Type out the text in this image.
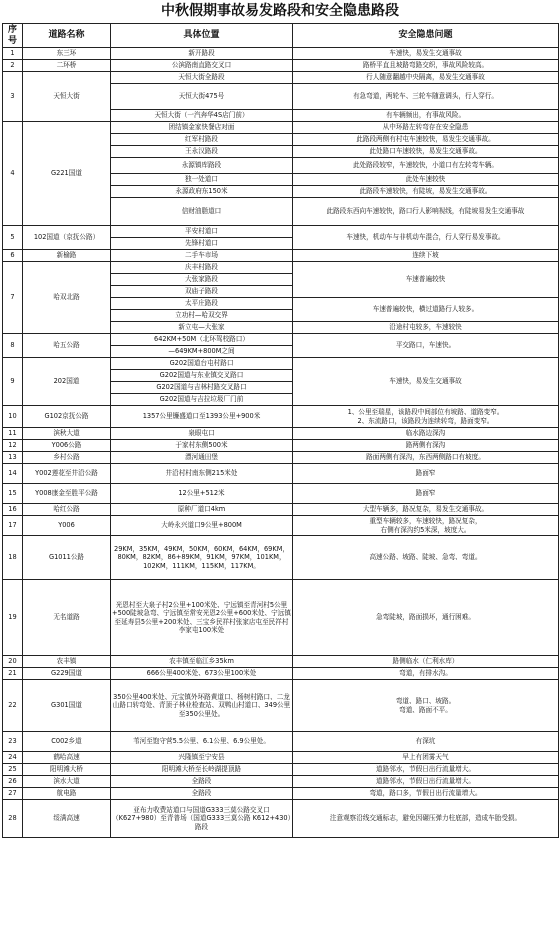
中秋假期事故易发路段和安全隐患路段
序号	道路名称	具体位置	安全隐患问题
1	东三环	新开路段	车速快，易发生交通事故
2	二环桥	公滨路南直路交叉口	路桥平直且坡路弯路交织，事故风险较高。
3	天恒大街	天恒大街全路段	行人随意翻越中央隔离，易发生交通事故
		天恒大街475号	有急弯道，两轮车、三轮车随意调头，行人穿行。
		天恒大街（一汽奔华4S店门前）	有车辆频出，有事故风险。
4	G221国道	团结镇金家快餐店对面	从中环路左转弯存在安全隐患
		红军村路段	此路段两侧有村屯车速较快，易发生交通事故。
		王永汉路段	此处路口车速较快，易发生交通事故。
		永源镇库路段	此处路段较窄，车速较快，小道口有左转弯车辆。
		独一处道口	此处车速较快
		永源政府东150米	此路段车速较快，有陡坡，易发生交通事故。
		信财油脂道口	此路段东西向车速较快，路口行人影响视线，有陡坡易发生交通事故
5	102国道（京抚公路）	平安村道口	车速快，机动车与非机动车混合，行人穿行易发事故。
		先锋村道口	
6	新榆路	二手车市场	连续下坡
7	哈双北路	庆丰村路段	车速普遍较快
		大张家路段	
		双庙子路段	
		太平庄路段	车速普遍较快，横过道路行人较多。
		立功村—哈双交界	
		新立屯—大张家	沿途村屯较多，车速较快
8	哈五公路	642KM+50M（北环驾校路口）	平交路口，车速快。
		—649KM+800M之间	
9	202国道	G202国道台屯村路口	车速快，易发生交通事故
		G202国道与东业镇交叉路口	
		G202国道与吉林村路交叉路口	
		G202国道与吉拉垃圾厂门前	
10	G102京抚公路	1357公里镰盛道口至1393公里+900米	1、公里至瑞星，该路段中间部位有坡路、道路变窄。
2、东流路口，该路段为连续转弯，路面变窄。
11	滨秋大道	泉眼屯口	临水路边深沟
12	Y006公路	于家村东侧500米	路两侧有深沟
13	乡村公路	漂河通田堡	路面两侧有深沟，东西两侧路口有坡度。
14	Y002莲花至井沿公路	井沿村村南东侧215米处	路面窄
15	Y008康金至胜平公路	12公里+512米	路面窄
16	哈红公路	原种厂道口4km	大型车辆多，路况复杂，易发生交通事故。
17	Y006	大岭永兴道口9公里+800M	重型车辆较多，车速较快，路况复杂，
右侧有深沟约5米深，坡度大。
18	G1011公路	29KM，35KM，49KM，50KM，60KM，64KM，69KM，80KM，82KM，86+89KM，91KM，97KM，101KM，102KM，111KM，115KM，117KM。	高速公路、坡路、陡坡、急弯、弯道。
19	无名道路	光恩村至大泉子村2公里+100米处、宁远镇至青河村5公里+500陡坡急弯、宁远镇至常安光恩2公里+600米处、宁远镇至延寿县5公里+200米处、三宝乡民祥村张家店屯至民祥村李家屯100米处	急弯陡坡，路面损坏，通行困难。
20	农丰镇	农丰镇至临江乡35km	路侧临水（仁利水库）
21	G229国道	666公里400米处、673公里100米处	弯道，有排水沟。
22	G301国道	350公里400米处、元宝镇外环路黄道口、杨树村路口、二龙山路口转弯处、青顶子林业检查站、双鸭山村道口、349公里至350公里处。	弯道、路口、坡路。
弯道、路面不平。
23	C002乡道	苇河至饱守营5.5公里、6.1公里、6.9公里处。	有深坑
24	鹤哈高速	兴隆镇至宁安县	早上有团雾天气
25	阳明滩大桥	阳明滩大桥至长岭湖提顶路	道路邻水，节假日出行流量增大。
26	滨水大道	全路段	道路邻水，节假日出行流量增大。
27	航电路	全路段	弯道，路口多，节假日出行流量增大。
28	绥满高速	亚布力收费站道口与国道G333三莫公路交叉口（K627+980）至青普场（国道G333三莫公路 K612+430）路段	注意观察沿线交通标志，避免因碾压弹力柱底部，造成车胎受损。
